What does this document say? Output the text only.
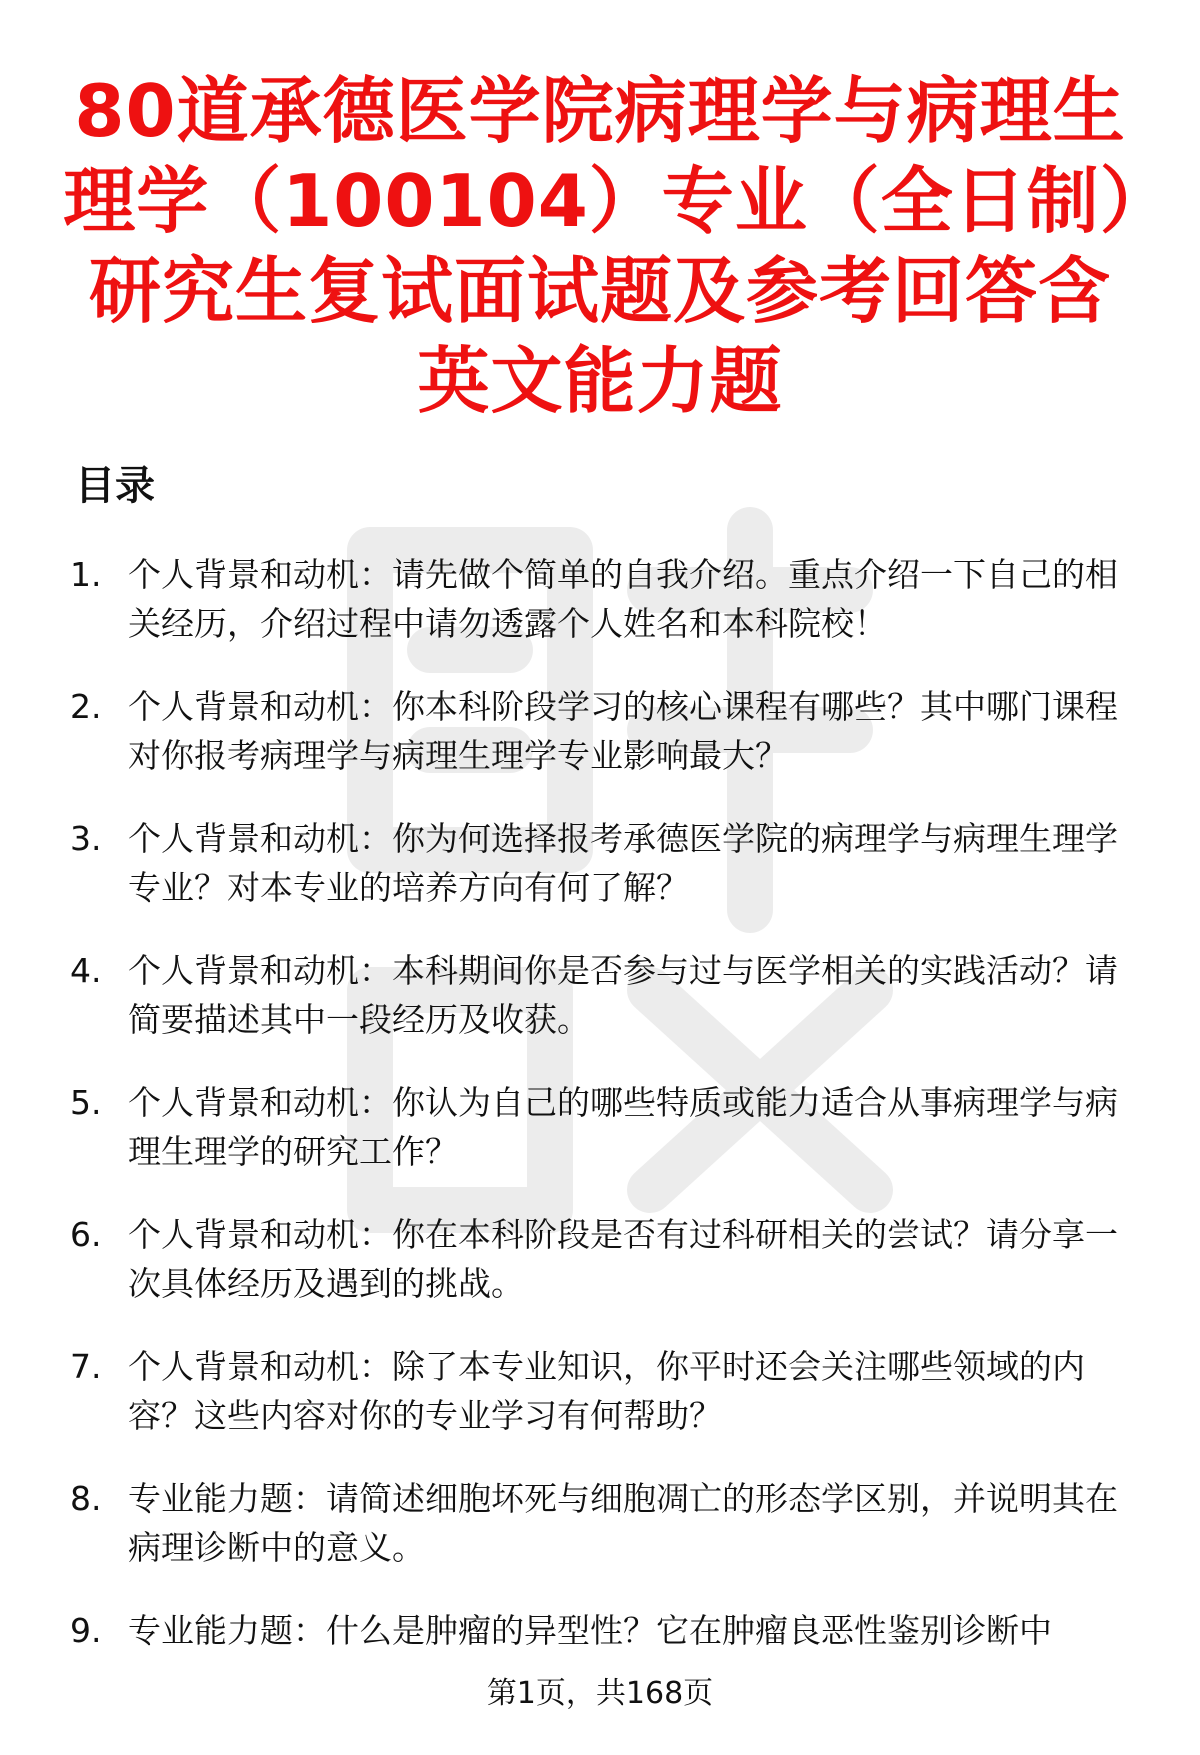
80道承德医学院病理学与病理生理学（100104）专业（全日制）研究生复试面试题及参考回答含英文能力题
目录
1. 个人背景和动机：请先做个简单的自我介绍。重点介绍一下自己的相关经历，介绍过程中请勿透露个人姓名和本科院校！
2. 个人背景和动机：你本科阶段学习的核心课程有哪些？其中哪门课程对你报考病理学与病理生理学专业影响最大？
3. 个人背景和动机：你为何选择报考承德医学院的病理学与病理生理学专业？对本专业的培养方向有何了解？
4. 个人背景和动机：本科期间你是否参与过与医学相关的实践活动？请简要描述其中一段经历及收获。
5. 个人背景和动机：你认为自己的哪些特质或能力适合从事病理学与病理生理学的研究工作？
6. 个人背景和动机：你在本科阶段是否有过科研相关的尝试？请分享一次具体经历及遇到的挑战。
7. 个人背景和动机：除了本专业知识，你平时还会关注哪些领域的内容？这些内容对你的专业学习有何帮助？
8. 专业能力题：请简述细胞坏死与细胞凋亡的形态学区别，并说明其在病理诊断中的意义。
9. 专业能力题：什么是肿瘤的异型性？它在肿瘤良恶性鉴别诊断中
第1页，共168页
